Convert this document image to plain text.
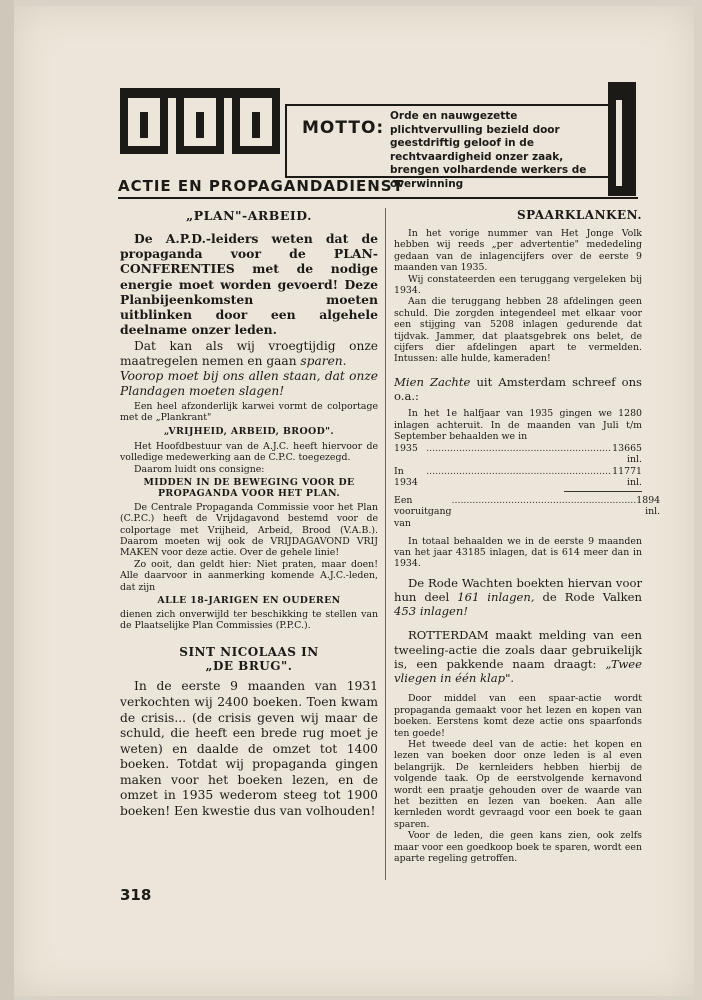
MOTTO:
Orde en nauwgezette plichtvervulling bezield door geestdriftig geloof in de rechtvaardigheid onzer zaak, brengen volhardende werkers de overwinning
ACTIE EN PROPAGANDADIENST
„PLAN"-ARBEID.

De A.P.D.-leiders weten dat de propaganda voor de PLAN-CONFERENTIES met de nodige energie moet worden gevoerd! Deze Planbijeenkomsten moeten uitblinken door een algehele deelname onzer leden.

Dat kan als wij vroegtijdig onze maatregelen nemen en gaan sparen.

Voorop moet bij ons allen staan, dat onze Plandagen moeten slagen!

Een heel afzonderlijk karwei vormt de colportage met de „Plankrant"

„VRIJHEID, ARBEID, BROOD".

Het Hoofdbestuur van de A.J.C. heeft hiervoor de volledige medewerking aan de C.P.C. toegezegd.

Daarom luidt ons consigne:

MIDDEN IN DE BEWEGING VOOR DE PROPAGANDA VOOR HET PLAN.

De Centrale Propaganda Commissie voor het Plan (C.P.C.) heeft de Vrijdagavond bestemd voor de colportage met Vrijheid, Arbeid, Brood (V.A.B.). Daarom moeten wij ook de VRIJDAGAVOND VRIJ MAKEN voor deze actie. Over de gehele linie!

Zo ooit, dan geldt hier: Niet praten, maar doen! Alle daarvoor in aanmerking komende A.J.C.-leden, dat zijn

ALLE 18-JARIGEN EN OUDEREN

dienen zich onverwijld ter beschikking te stellen van de Plaatselijke Plan Commissies (P.P.C.).

SINT NICOLAAS IN
„DE BRUG".

In de eerste 9 maanden van 1931 verkochten wij 2400 boeken. Toen kwam de crisis... (de crisis geven wij maar de schuld, die heeft een brede rug moet je weten) en daalde de omzet tot 1400 boeken. Totdat wij propaganda gingen maken voor het boeken lezen, en de omzet in 1935 wederom steeg tot 1900 boeken! Een kwestie dus van volhouden!

SPAARKLANKEN.

In het vorige nummer van Het Jonge Volk hebben wij reeds „per advertentie" mededeling gedaan van de inlagencijfers over de eerste 9 maanden van 1935.

Wij constateerden een teruggang vergeleken bij 1934.

Aan die teruggang hebben 28 afdelingen geen schuld. Die zorgden integendeel met elkaar voor een stijging van 5208 inlagen gedurende dat tijdvak. Jammer, dat plaatsgebrek ons belet, de cijfers dier afdelingen apart te vermelden. Intussen: alle hulde, kameraden!

Mien Zachte uit Amsterdam schreef ons o.a.:

In het 1e halfjaar van 1935 gingen we 1280 inlagen achteruit. In de maanden van Juli t/m September behaalden we in

1935 .............................................................. 13665 inl.
In 1934
.............................................................. 11771 inl.
Een vooruitgang van
.............................................................. 1894 inl.

In totaal behaalden we in de eerste 9 maanden van het jaar 43185 inlagen, dat is 614 meer dan in 1934.

De Rode Wachten boekten hiervan voor hun deel 161 inlagen, de Rode Valken 453 inlagen!

ROTTERDAM maakt melding van een tweeling-actie die zoals daar gebruikelijk is, een pakkende naam draagt: „Twee vliegen in één klap".

Door middel van een spaar-actie wordt propaganda gemaakt voor het lezen en kopen van boeken. Eerstens komt deze actie ons spaarfonds ten goede!

Het tweede deel van de actie: het kopen en lezen van boeken door onze leden is al even belangrijk. De kernleiders hebben hierbij de volgende taak. Op de eerstvolgende kernavond wordt een praatje gehouden over de waarde van het bezitten en lezen van boeken. Aan alle kernleden wordt gevraagd voor een boek te gaan sparen.

Voor de leden, die geen kans zien, ook zelfs maar voor een goedkoop boek te sparen, wordt een aparte regeling getroffen.

318
